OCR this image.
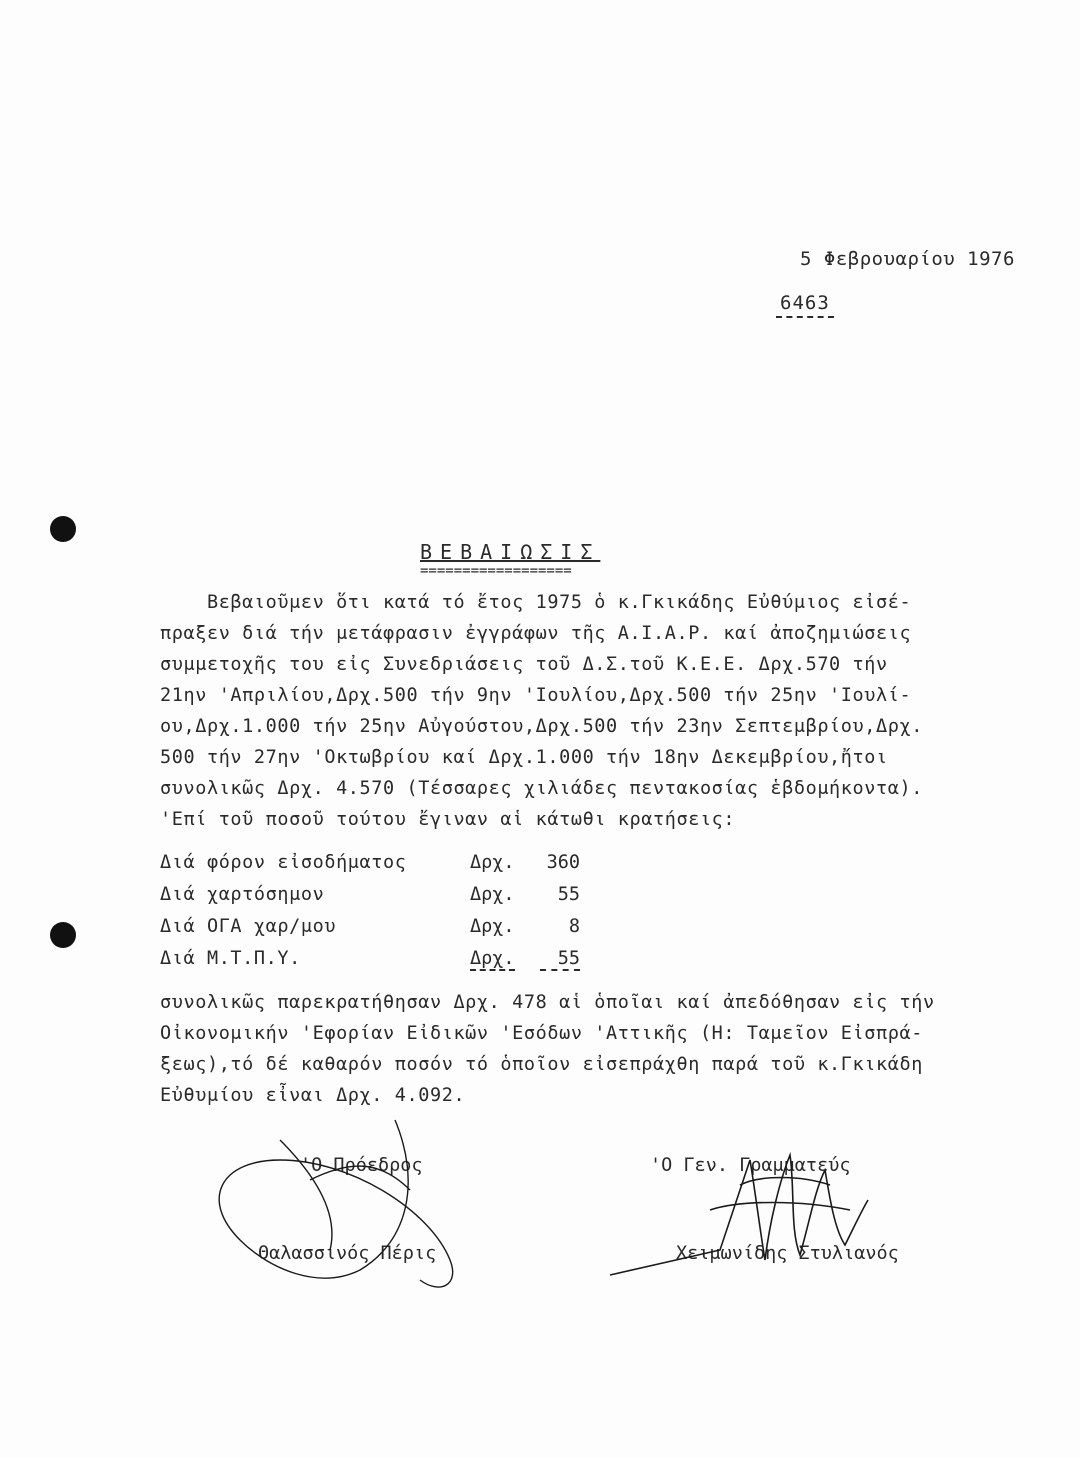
5 Φεβρουαρίου 1976
6463
ΒΕΒΑΙΩΣΙΣ
==================

Βεβαιοῦμεν ὅτι κατά τό ἔτος 1975 ὁ κ.Γκικάδης Εὐθύμιος εἰσέ-

πραξεν διά τήν μετάφρασιν ἐγγράφων τῆς Α.Ι.Α.Ρ. καί ἀποζημιώσεις

συμμετοχῆς του εἰς Συνεδριάσεις τοῦ Δ.Σ.τοῦ Κ.Ε.Ε. Δρχ.570 τήν

21ην 'Απριλίου,Δρχ.500 τήν 9ην 'Ιουλίου,Δρχ.500 τήν 25ην 'Ιουλί-

ου,Δρχ.1.000 τήν 25ην Αὐγούστου,Δρχ.500 τήν 23ην Σεπτεμβρίου,Δρχ.

500 τήν 27ην 'Οκτωβρίου καί Δρχ.1.000 τήν 18ην Δεκεμβρίου,ἤτοι

συνολικῶς Δρχ. 4.570 (Τέσσαρες χιλιάδες πεντακοσίας ἑβδομήκοντα).

'Επί τοῦ ποσοῦ τούτου ἔγιναν αἱ κάτωθι κρατήσεις:

Διά φόρον εἰσοδήματος	Δρχ.	360
Διά χαρτόσημον	Δρχ.	55
Διά ΟΓΑ χαρ/μου	Δρχ.	8
Διά Μ.Τ.Π.Υ.	Δρχ.	55

συνολικῶς παρεκρατήθησαν Δρχ. 478 αἱ ὁποῖαι καί ἀπεδόθησαν εἰς τήν

Οἰκονομικήν 'Εφορίαν Εἰδικῶν 'Εσόδων 'Αττικῆς (Η: Ταμεῖον Εἰσπρά-

ξεως),τό δέ καθαρόν ποσόν τό ὁποῖον εἰσεπράχθη παρά τοῦ κ.Γκικάδη

Εὐθυμίου εἶναι Δρχ. 4.092.

'Ο Πρόεδρος
Θαλασσινός Πέρις
'Ο Γεν. Γραμματεύς
Χειμωνίδης Στυλιανός
